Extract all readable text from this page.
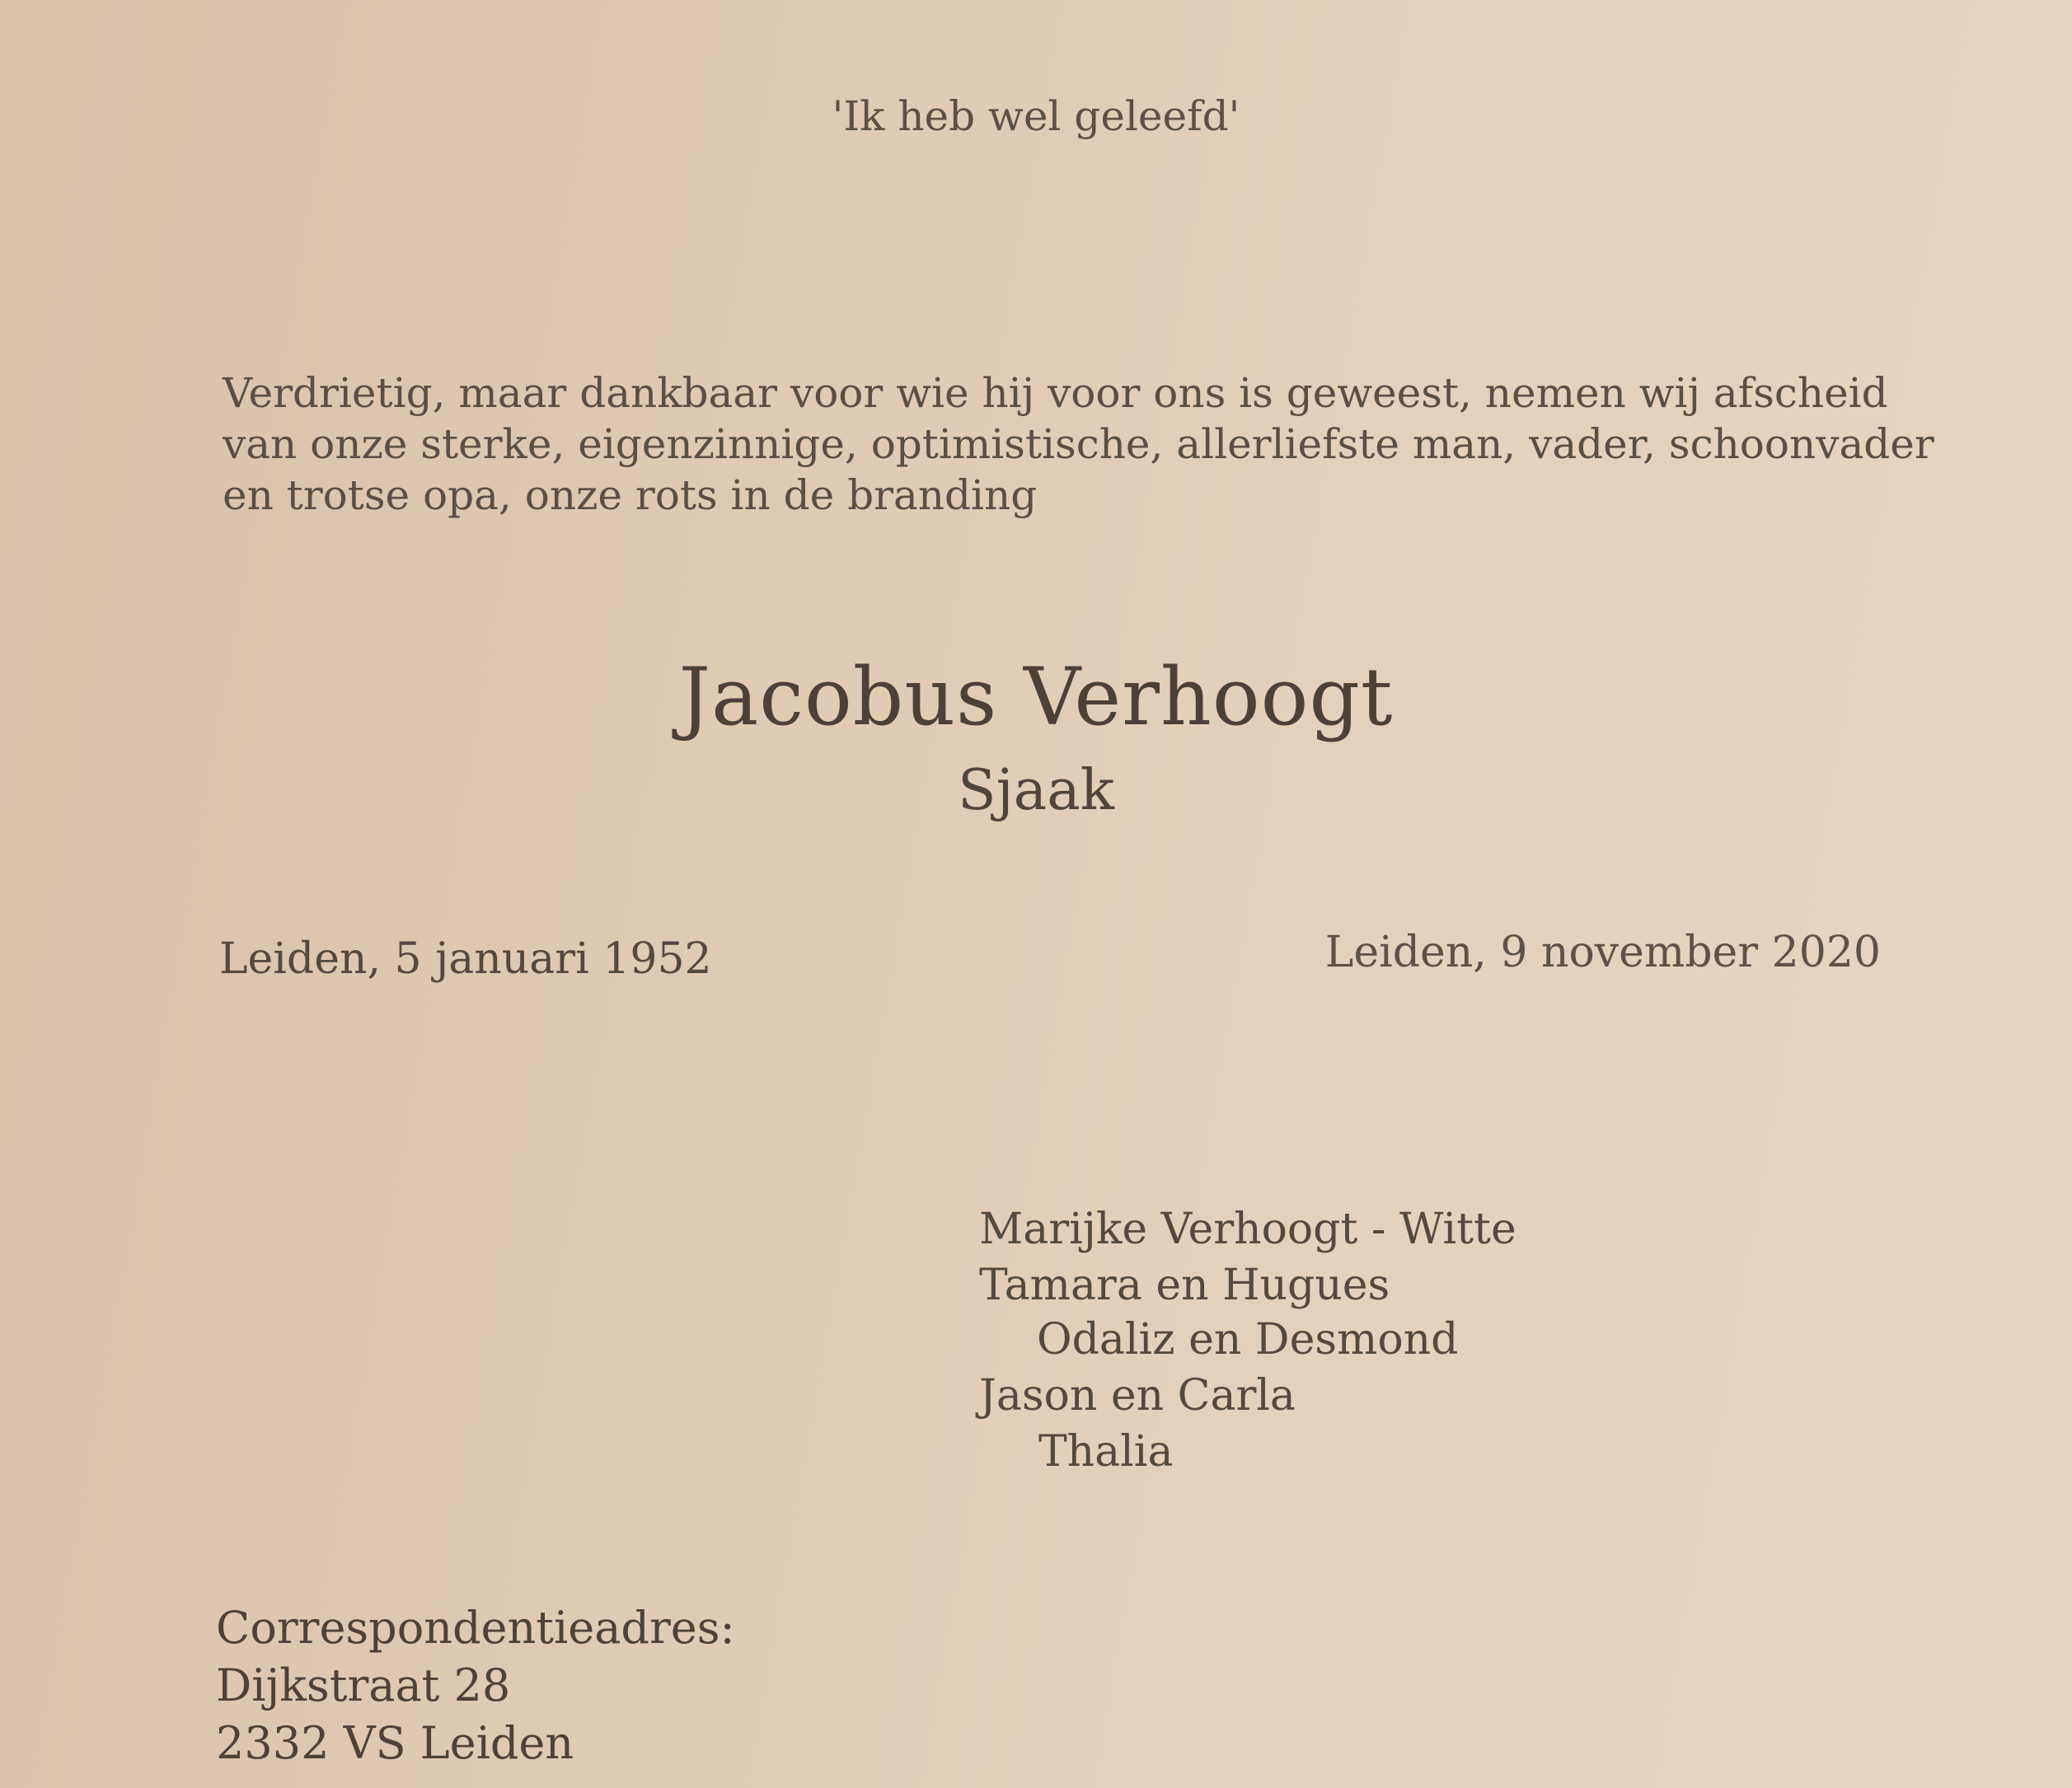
'Ik heb wel geleefd'
Verdrietig, maar dankbaar voor wie hij voor ons is geweest, nemen wij afscheid
van onze sterke, eigenzinnige, optimistische, allerliefste man, vader, schoonvader
en trotse opa, onze rots in de branding
Jacobus Verhoogt
Sjaak
Leiden, 5 januari 1952	Leiden, 9 november 2020
Marijke Verhoogt - Witte
Tamara en Hugues
Odaliz en Desmond
Jason en Carla
Thalia
Correspondentieadres:
Dijkstraat 28
2332 VS Leiden
